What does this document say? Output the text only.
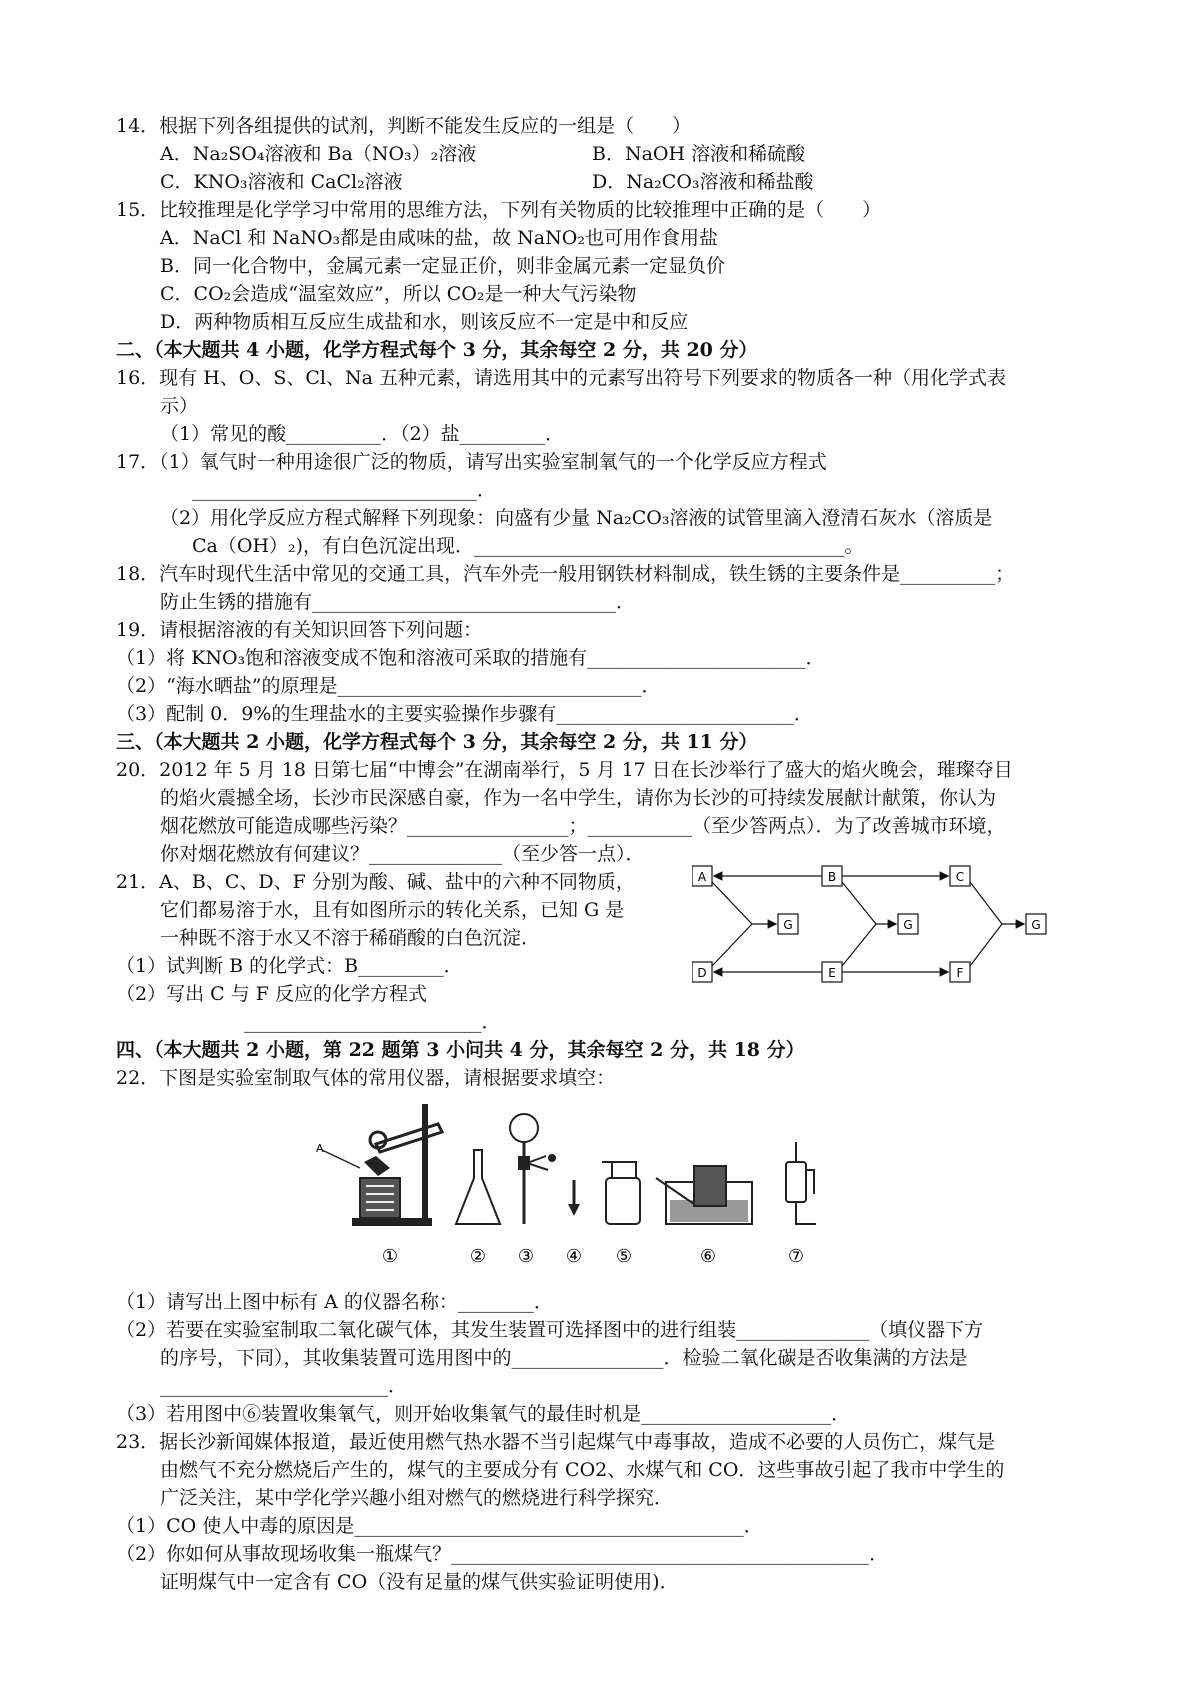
14．根据下列各组提供的试剂，判断不能发生反应的一组是（　　）
A．Na₂SO₄溶液和 Ba（NO₃）₂溶液	B．NaOH 溶液和稀硫酸
C．KNO₃溶液和 CaCl₂溶液	D．Na₂CO₃溶液和稀盐酸
15．比较推理是化学学习中常用的思维方法，下列有关物质的比较推理中正确的是（　　）
A．NaCl 和 NaNO₃都是由咸味的盐，故 NaNO₂也可用作食用盐
B．同一化合物中，金属元素一定显正价，则非金属元素一定显负价
C．CO₂会造成“温室效应”，所以 CO₂是一种大气污染物
D．两种物质相互反应生成盐和水，则该反应不一定是中和反应
二、（本大题共 4 小题，化学方程式每个 3 分，其余每空 2 分，共 20 分）
16．现有 H、O、S、Cl、Na 五种元素，请选用其中的元素写出符号下列要求的物质各一种（用化学式表
示）
（1）常见的酸__________．（2）盐_________．
17．（1）氧气时一种用途很广泛的物质，请写出实验室制氧气的一个化学反应方程式
______________________________．
（2）用化学反应方程式解释下列现象：向盛有少量 Na₂CO₃溶液的试管里滴入澄清石灰水（溶质是
Ca（OH）₂)，有白色沉淀出现．_______________________________________。
18．汽车时现代生活中常见的交通工具，汽车外壳一般用钢铁材料制成，铁生锈的主要条件是__________；
防止生锈的措施有________________________________．
19．请根据溶液的有关知识回答下列问题：
（1）将 KNO₃饱和溶液变成不饱和溶液可采取的措施有_______________________．
（2）“海水晒盐”的原理是________________________________．
（3）配制 0．9%的生理盐水的主要实验操作步骤有_________________________．
三、（本大题共 2 小题，化学方程式每个 3 分，其余每空 2 分，共 11 分）
20．2012 年 5 月 18 日第七届“中博会”在湖南举行，5 月 17 日在长沙举行了盛大的焰火晚会，璀璨夺目
的焰火震撼全场，长沙市民深感自豪，作为一名中学生，请你为长沙的可持续发展献计献策，你认为
烟花燃放可能造成哪些污染？_________________；___________（至少答两点）．为了改善城市环境，
你对烟花燃放有何建议？______________（至少答一点）．
21．A、B、C、D、F 分别为酸、碱、盐中的六种不同物质，
它们都易溶于水，且有如图所示的转化关系，已知 G 是
一种既不溶于水又不溶于稀硝酸的白色沉淀．
（1）试判断 B 的化学式：B_________．
（2）写出 C 与 F 反应的化学方程式
_________________________．
A	B	C
D	E	F
G	G	G
四、（本大题共 2 小题，第 22 题第 3 小问共 4 分，其余每空 2 分，共 18 分）
22．下图是实验室制取气体的常用仪器，请根据要求填空：
A
①	② ③ ④ ⑤	⑥	⑦
（1）请写出上图中标有 A 的仪器名称：________．
（2）若要在实验室制取二氧化碳气体，其发生装置可选择图中的进行组装______________（填仪器下方
的序号，下同），其收集装置可选用图中的________________．检验二氧化碳是否收集满的方法是
________________________．
（3）若用图中⑥装置收集氧气，则开始收集氧气的最佳时机是____________________．
23．据长沙新闻媒体报道，最近使用燃气热水器不当引起煤气中毒事故，造成不必要的人员伤亡，煤气是
由燃气不充分燃烧后产生的，煤气的主要成分有 CO2、水煤气和 CO．这些事故引起了我市中学生的
广泛关注，某中学化学兴趣小组对燃气的燃烧进行科学探究．
（1）CO 使人中毒的原因是_________________________________________．
（2）你如何从事故现场收集一瓶煤气？____________________________________________．
证明煤气中一定含有 CO（没有足量的煤气供实验证明使用)．
